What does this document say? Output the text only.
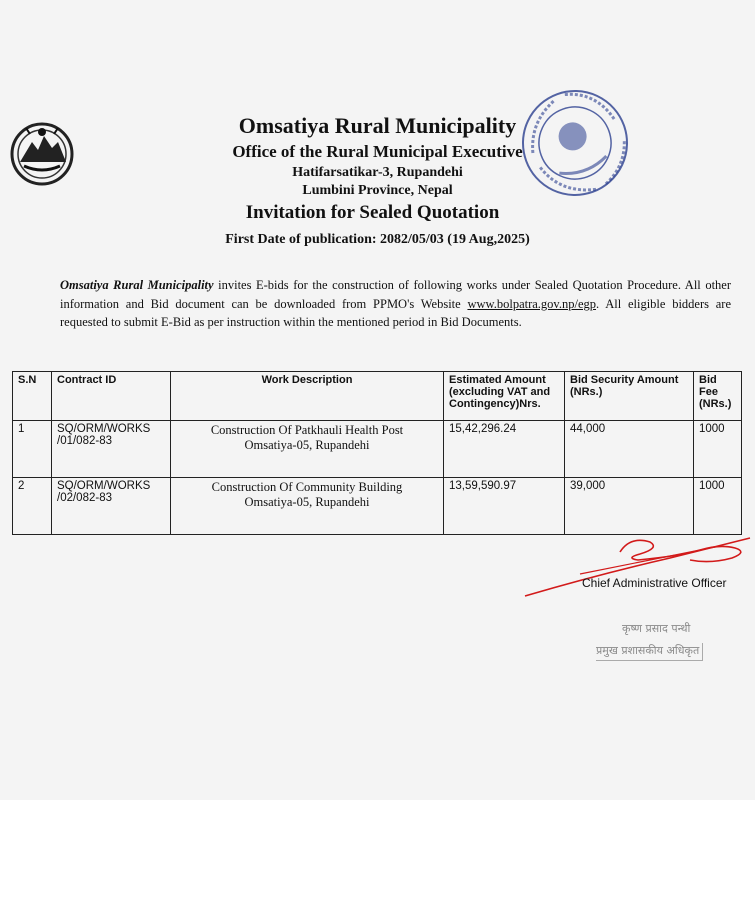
Omsatiya Rural Municipality
Office of the Rural Municipal Executive
Hatifarsatikar-3, Rupandehi
Lumbini Province, Nepal
Invitation for Sealed Quotation
First Date of publication: 2082/05/03 (19 Aug,2025)
Omsatiya Rural Municipality invites E-bids for the construction of following works under Sealed Quotation Procedure. All other information and Bid document can be downloaded from PPMO's Website www.bolpatra.gov.np/egp. All eligible bidders are requested to submit E-Bid as per instruction within the mentioned period in Bid Documents.
S.N	Contract ID	Work Description	Estimated Amount (excluding VAT and Contingency)Nrs.	Bid Security Amount (NRs.)	Bid Fee (NRs.)
1	SQ/ORM/WORKS /01/082-83	Construction Of Patkhauli Health Post
Omsatiya-05, Rupandehi	15,42,296.24	44,000	1000
2	SQ/ORM/WORKS /02/082-83	Construction Of Community Building
Omsatiya-05, Rupandehi	13,59,590.97	39,000	1000
Chief Administrative Officer
कृष्ण प्रसाद पन्थी
प्रमुख प्रशासकीय अधिकृत
